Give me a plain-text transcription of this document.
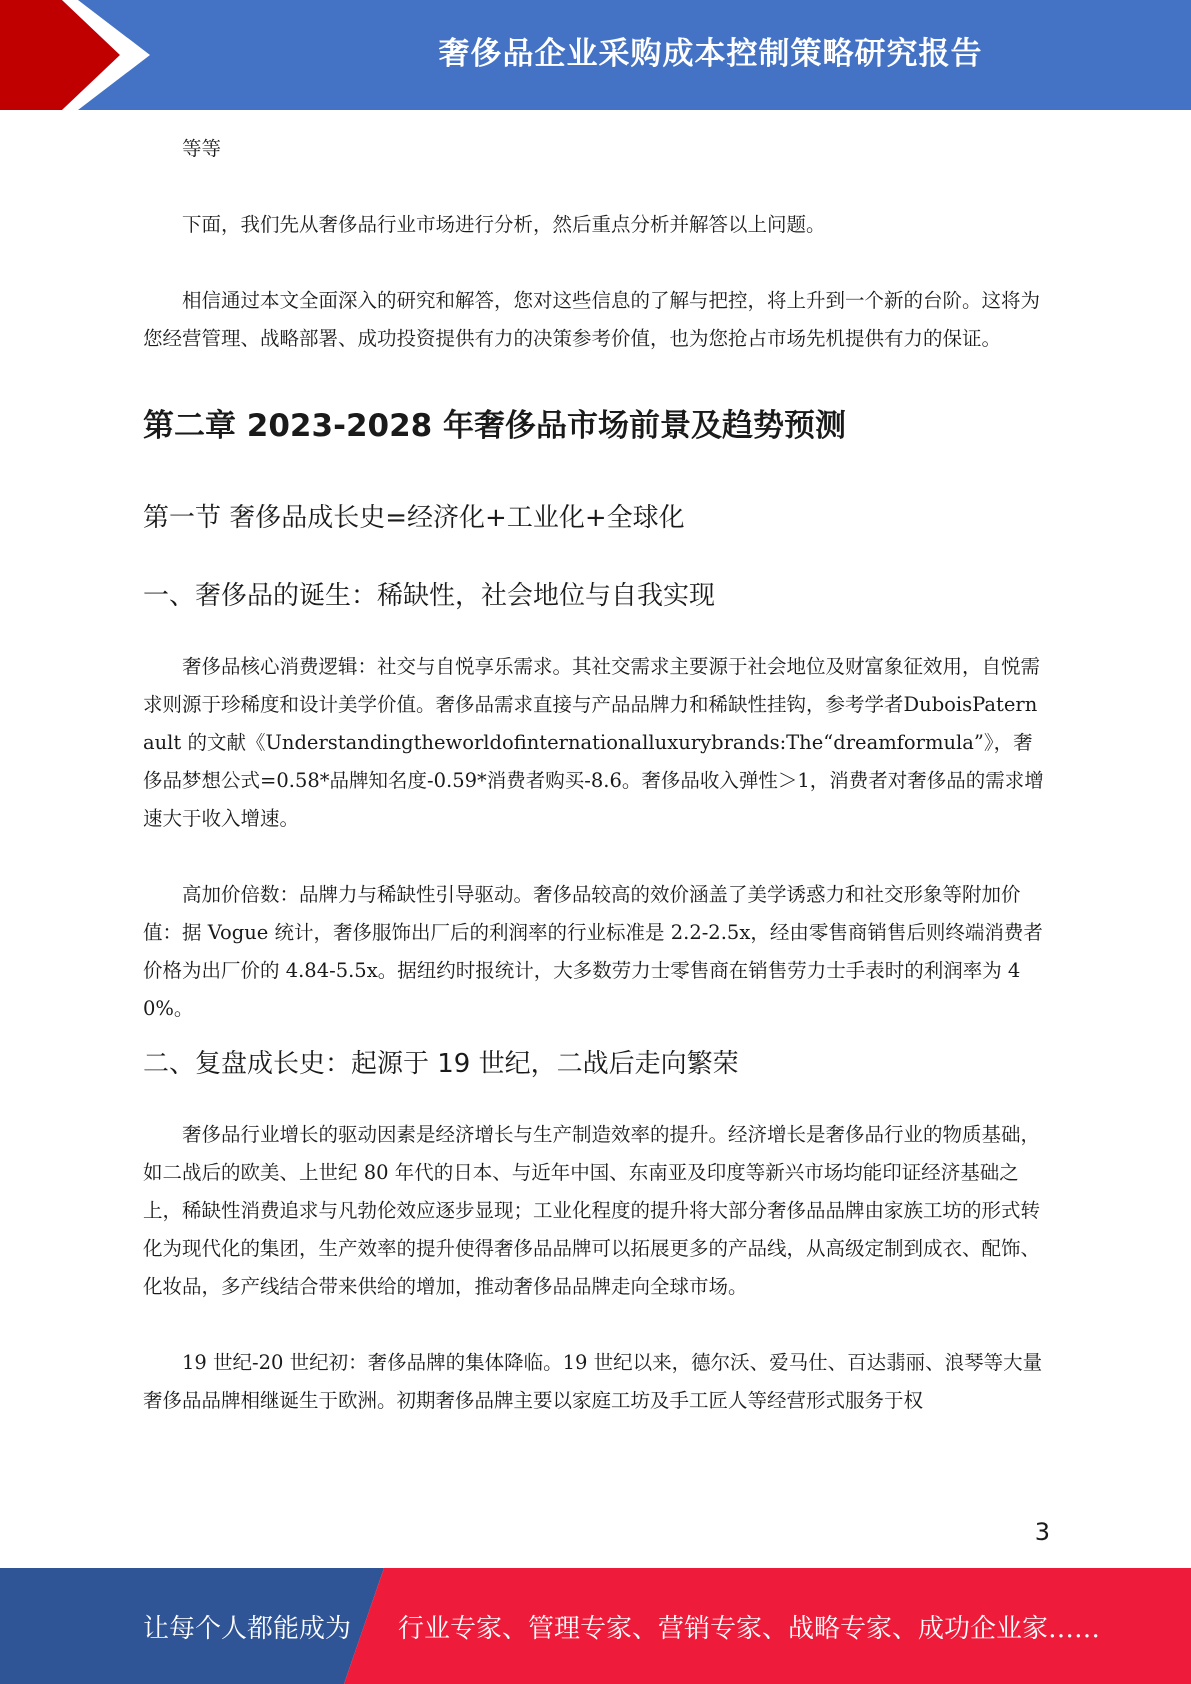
奢侈品企业采购成本控制策略研究报告

等等

下面，我们先从奢侈品行业市场进行分析，然后重点分析并解答以上问题。

相信通过本文全面深入的研究和解答，您对这些信息的了解与把控，将上升到一个新的台阶。这将为您经营管理、战略部署、成功投资提供有力的决策参考价值，也为您抢占市场先机提供有力的保证。

第二章 2023-2028 年奢侈品市场前景及趋势预测
第一节 奢侈品成长史=经济化+工业化+全球化
一、奢侈品的诞生：稀缺性，社会地位与自我实现

奢侈品核心消费逻辑：社交与自悦享乐需求。其社交需求主要源于社会地位及财富象征效用，自悦需求则源于珍稀度和设计美学价值。奢侈品需求直接与产品品牌力和稀缺性挂钩，参考学者DuboisPaternault 的文献《Understandingtheworldofinternationalluxurybrands:The“dreamformula”》，奢侈品梦想公式=0.58*品牌知名度-0.59*消费者购买-8.6。奢侈品收入弹性＞1，消费者对奢侈品的需求增速大于收入增速。

高加价倍数：品牌力与稀缺性引导驱动。奢侈品较高的效价涵盖了美学诱惑力和社交形象等附加价值：据 Vogue 统计，奢侈服饰出厂后的利润率的行业标准是 2.2-2.5x，经由零售商销售后则终端消费者价格为出厂价的 4.84-5.5x。据纽约时报统计，大多数劳力士零售商在销售劳力士手表时的利润率为 40%。

二、复盘成长史：起源于 19 世纪，二战后走向繁荣

奢侈品行业增长的驱动因素是经济增长与生产制造效率的提升。经济增长是奢侈品行业的物质基础，如二战后的欧美、上世纪 80 年代的日本、与近年中国、东南亚及印度等新兴市场均能印证经济基础之上，稀缺性消费追求与凡勃伦效应逐步显现；工业化程度的提升将大部分奢侈品品牌由家族工坊的形式转化为现代化的集团，生产效率的提升使得奢侈品品牌可以拓展更多的产品线，从高级定制到成衣、配饰、化妆品，多产线结合带来供给的增加，推动奢侈品品牌走向全球市场。

19 世纪-20 世纪初：奢侈品牌的集体降临。19 世纪以来，德尔沃、爱马仕、百达翡丽、浪琴等大量奢侈品品牌相继诞生于欧洲。初期奢侈品牌主要以家庭工坊及手工匠人等经营形式服务于权

3
让每个人都能成为 行业专家、管理专家、营销专家、战略专家、成功企业家……
